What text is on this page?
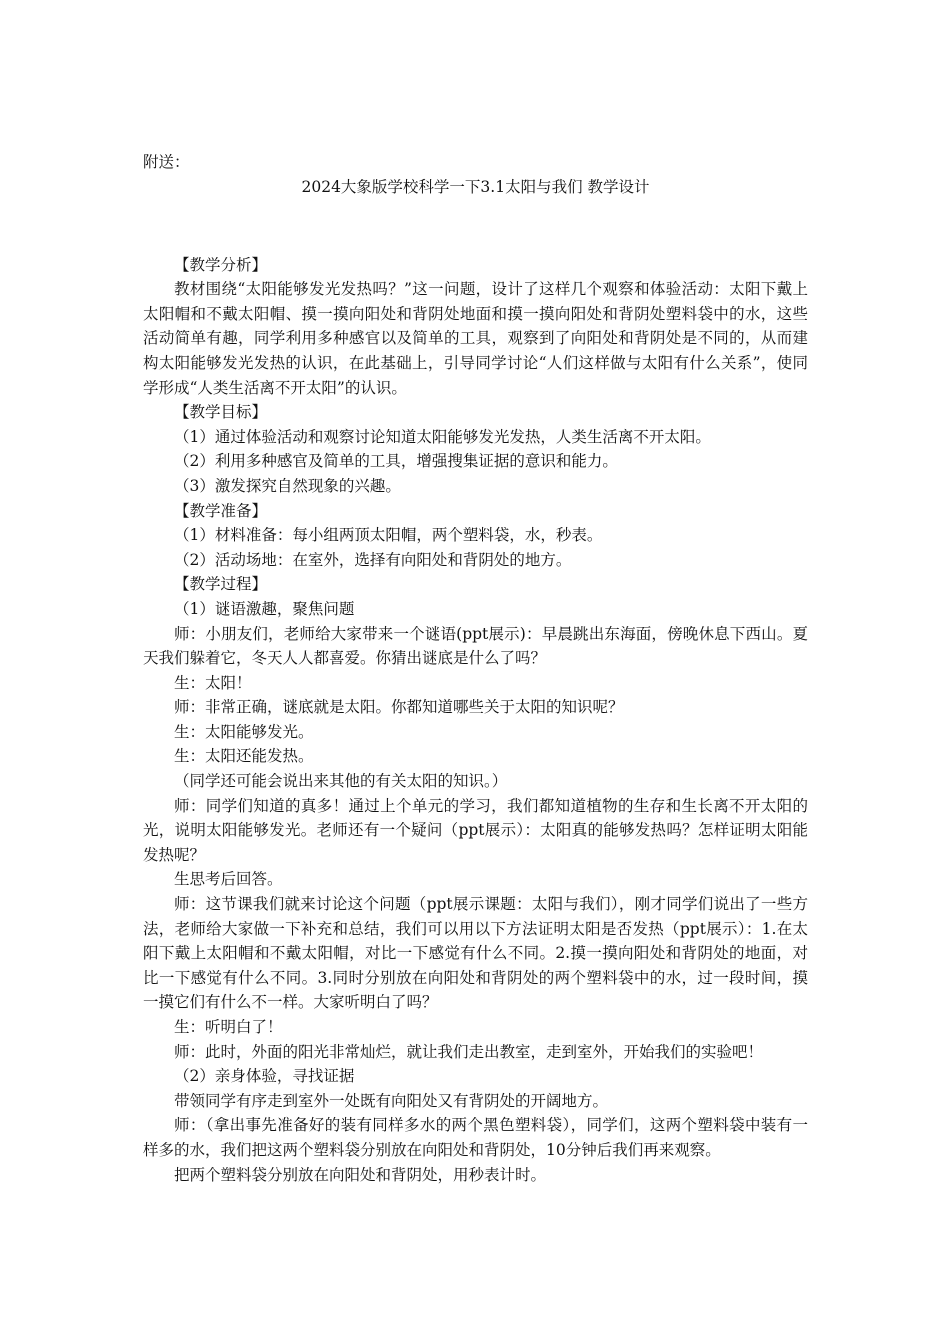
附送：

2024大象版学校科学一下3.1太阳与我们 教学设计

【教学分析】

教材围绕“太阳能够发光发热吗？”这一问题，设计了这样几个观察和体验活动：太阳下戴上太阳帽和不戴太阳帽、摸一摸向阳处和背阴处地面和摸一摸向阳处和背阴处塑料袋中的水，这些活动简单有趣，同学利用多种感官以及简单的工具，观察到了向阳处和背阴处是不同的，从而建构太阳能够发光发热的认识，在此基础上，引导同学讨论“人们这样做与太阳有什么关系”，使同学形成“人类生活离不开太阳”的认识。

【教学目标】

（1）通过体验活动和观察讨论知道太阳能够发光发热，人类生活离不开太阳。

（2）利用多种感官及简单的工具，增强搜集证据的意识和能力。

（3）激发探究自然现象的兴趣。

【教学准备】

（1）材料准备：每小组两顶太阳帽，两个塑料袋，水，秒表。

（2）活动场地：在室外，选择有向阳处和背阴处的地方。

【教学过程】

（1）谜语激趣，聚焦问题

师：小朋友们，老师给大家带来一个谜语(ppt展示)：早晨跳出东海面，傍晚休息下西山。夏天我们躲着它，冬天人人都喜爱。你猜出谜底是什么了吗？

生：太阳！

师：非常正确，谜底就是太阳。你都知道哪些关于太阳的知识呢？

生：太阳能够发光。

生：太阳还能发热。

（同学还可能会说出来其他的有关太阳的知识。）

师：同学们知道的真多！通过上个单元的学习，我们都知道植物的生存和生长离不开太阳的光，说明太阳能够发光。老师还有一个疑问（ppt展示）：太阳真的能够发热吗？怎样证明太阳能发热呢？

生思考后回答。

师：这节课我们就来讨论这个问题（ppt展示课题：太阳与我们），刚才同学们说出了一些方法，老师给大家做一下补充和总结，我们可以用以下方法证明太阳是否发热（ppt展示）：1.在太阳下戴上太阳帽和不戴太阳帽，对比一下感觉有什么不同。2.摸一摸向阳处和背阴处的地面，对比一下感觉有什么不同。3.同时分别放在向阳处和背阴处的两个塑料袋中的水，过一段时间，摸一摸它们有什么不一样。大家听明白了吗？

生：听明白了！

师：此时，外面的阳光非常灿烂，就让我们走出教室，走到室外，开始我们的实验吧！

（2）亲身体验，寻找证据

带领同学有序走到室外一处既有向阳处又有背阴处的开阔地方。

师：（拿出事先准备好的装有同样多水的两个黑色塑料袋），同学们，这两个塑料袋中装有一样多的水，我们把这两个塑料袋分别放在向阳处和背阴处，10分钟后我们再来观察。

把两个塑料袋分别放在向阳处和背阴处，用秒表计时。
